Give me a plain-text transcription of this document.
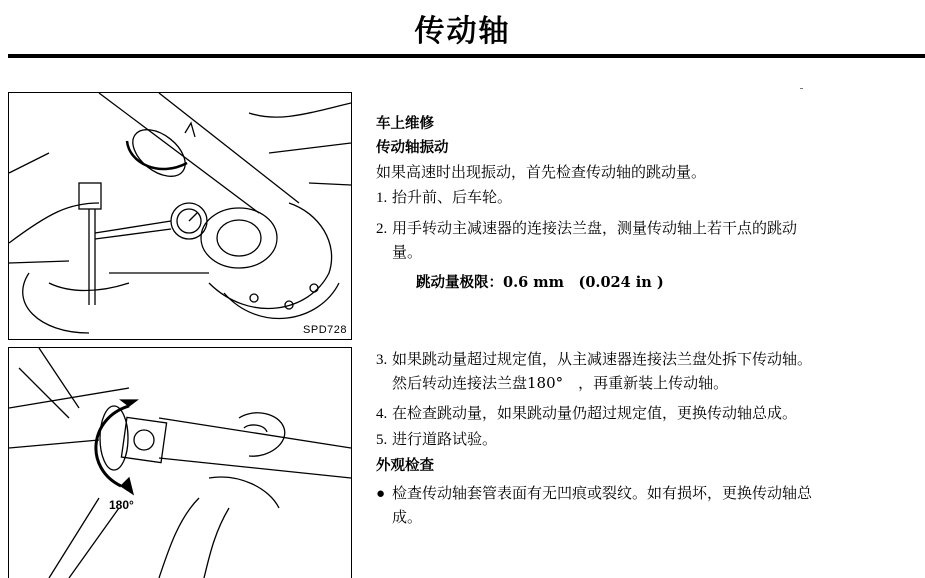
传动轴
SPD728
180°
车上维修
传动轴振动
如果高速时出现振动，首先检查传动轴的跳动量。
1. 抬升前、后车轮。
2. 用手转动主减速器的连接法兰盘，测量传动轴上若干点的跳动
量。
跳动量极限：0.6 mm　(0.024 in )
3. 如果跳动量超过规定值，从主减速器连接法兰盘处拆下传动轴。
然后转动连接法兰盘180°　，再重新装上传动轴。
4. 在检查跳动量，如果跳动量仍超过规定值，更换传动轴总成。
5. 进行道路试验。
外观检查
● 检查传动轴套管表面有无凹痕或裂纹。如有损坏，更换传动轴总
成。
